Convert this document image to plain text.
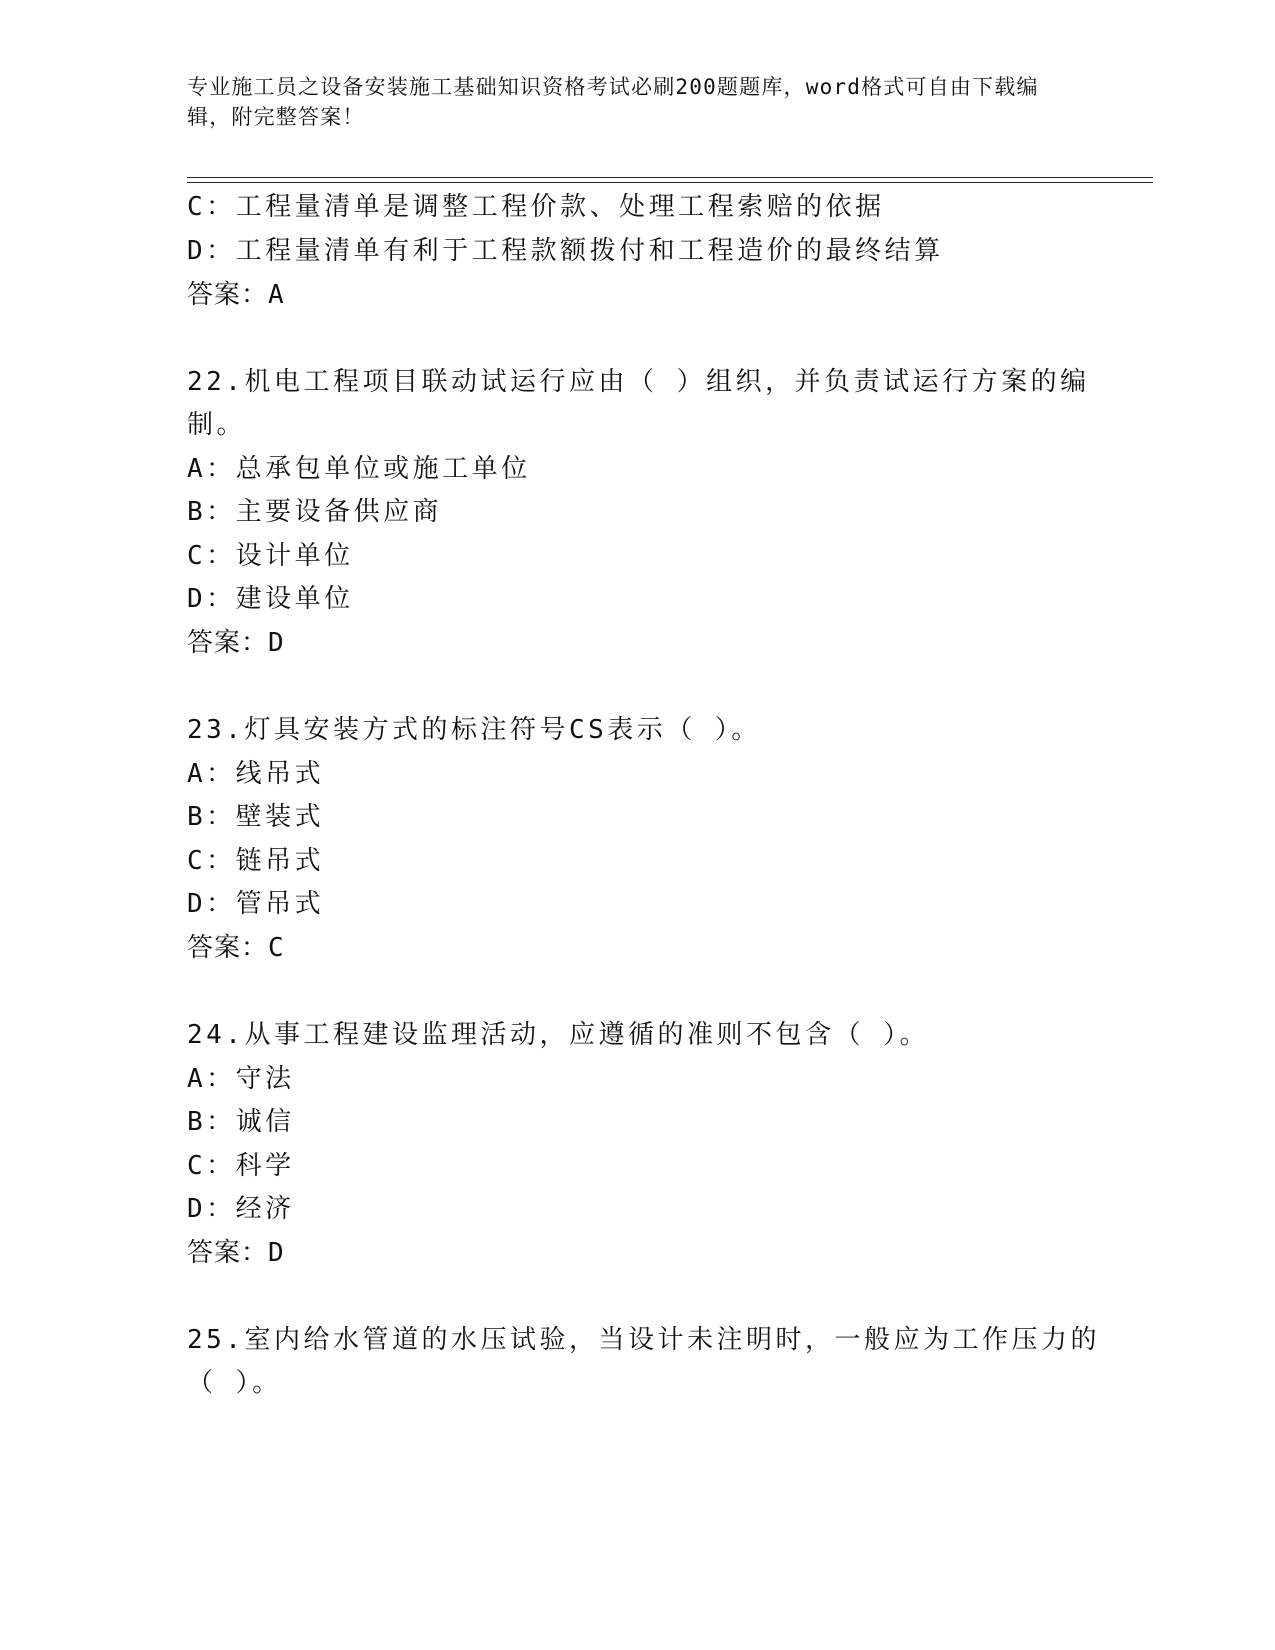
专业施工员之设备安装施工基础知识资格考试必刷200题题库，word格式可自由下载编辑，附完整答案！
C：工程量清单是调整工程价款、处理工程索赔的依据
D：工程量清单有利于工程款额拨付和工程造价的最终结算
答案：A
22.机电工程项目联动试运行应由（ ）组织，并负责试运行方案的编
制。
A：总承包单位或施工单位
B：主要设备供应商
C：设计单位
D：建设单位
答案：D
23.灯具安装方式的标注符号CS表示（ ）。
A：线吊式
B：壁装式
C：链吊式
D：管吊式
答案：C
24.从事工程建设监理活动，应遵循的准则不包含（ ）。
A：守法
B：诚信
C：科学
D：经济
答案：D
25.室内给水管道的水压试验，当设计未注明时，一般应为工作压力的
（ ）。
